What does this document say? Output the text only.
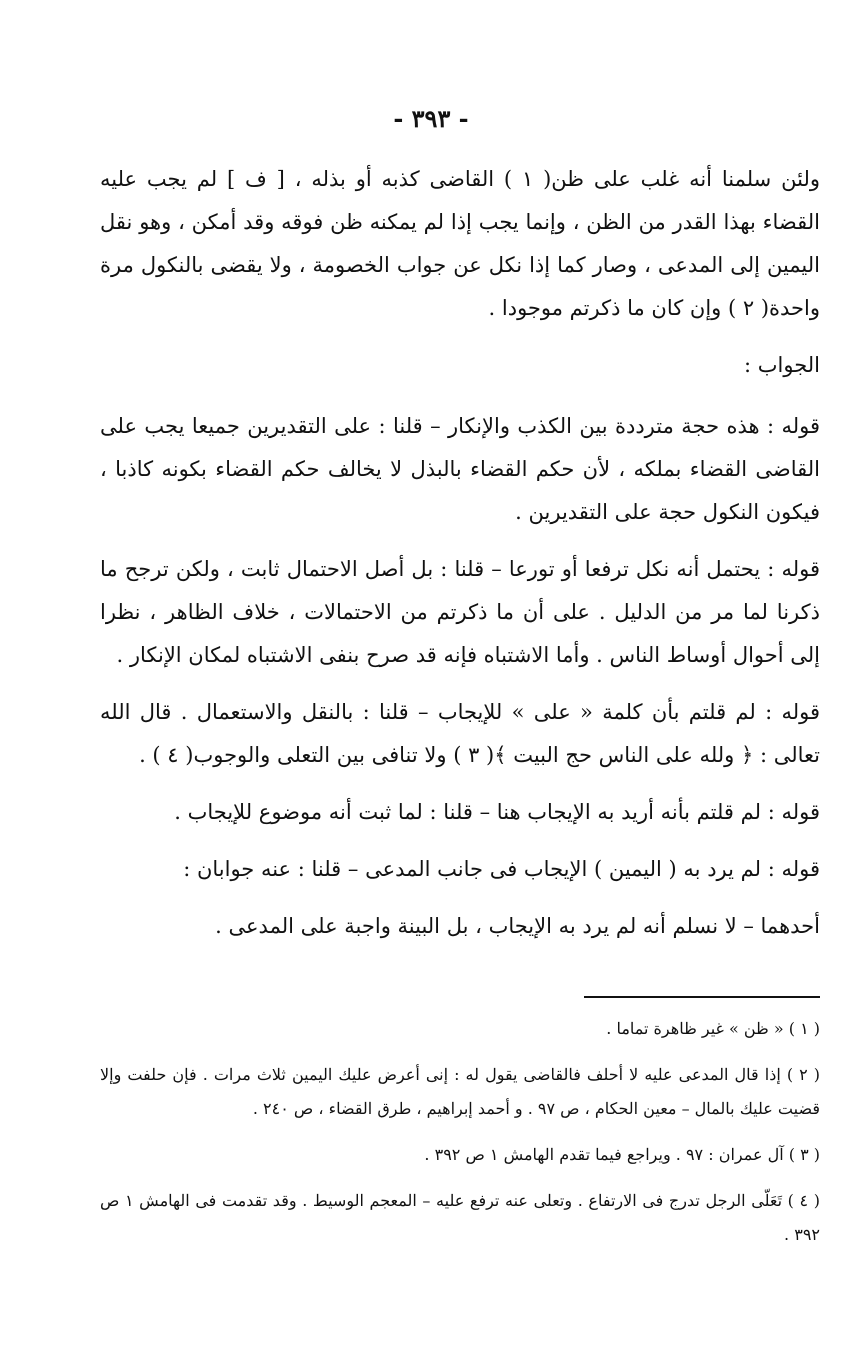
- ٣٩٣ -

ولئن سلمنا أنه غلب على ظن( ١ ) القاضى كذبه أو بذله ، [ ف ] لم يجب عليه القضاء بهذا القدر من الظن ، وإنما يجب إذا لم يمكنه ظن فوقه وقد أمكن ، وهو نقل اليمين إلى المدعى ، وصار كما إذا نكل عن جواب الخصومة ، ولا يقضى بالنكول مرة واحدة( ٢ ) وإن كان ما ذكرتم موجودا .

الجواب :

قوله : هذه حجة مترددة بين الكذب والإنكار – قلنا : على التقديرين جميعا يجب على القاضى القضاء بملكه ، لأن حكم القضاء بالبذل لا يخالف حكم القضاء بكونه كاذبا ، فيكون النكول حجة على التقديرين .

قوله : يحتمل أنه نكل ترفعا أو تورعا – قلنا : بل أصل الاحتمال ثابت ، ولكن ترجح ما ذكرنا لما مر من الدليل . على أن ما ذكرتم من الاحتمالات ، خلاف الظاهر ، نظرا إلى أحوال أوساط الناس . وأما الاشتباه فإنه قد صرح بنفى الاشتباه لمكان الإنكار .

قوله : لم قلتم بأن كلمة « على » للإيجاب – قلنا : بالنقل والاستعمال . قال الله تعالى : ﴿ ولله على الناس حج البيت ﴾( ٣ ) ولا تنافى بين التعلى والوجوب( ٤ ) .

قوله : لم قلتم بأنه أريد به الإيجاب هنا – قلنا : لما ثبت أنه موضوع للإيجاب .

قوله : لم يرد به ( اليمين ) الإيجاب فى جانب المدعى – قلنا : عنه جوابان :

أحدهما – لا نسلم أنه لم يرد به الإيجاب ، بل البينة واجبة على المدعى .

( ١ ) « ظن » غير ظاهرة تماما .

( ٢ ) إذا قال المدعى عليه لا أحلف فالقاضى يقول له : إنى أعرض عليك اليمين ثلاث مرات . فإن حلفت وإلا قضيت عليك بالمال – معين الحكام ، ص ٩٧ . و أحمد إبراهيم ، طرق القضاء ، ص ٢٤٠ .

( ٣ ) آل عمران : ٩٧ . ويراجع فيما تقدم الهامش ١ ص ٣٩٢ .

( ٤ ) تَعَلّى الرجل تدرج فى الارتفاع . وتعلى عنه ترفع عليه – المعجم الوسيط . وقد تقدمت فى الهامش ١ ص ٣٩٢ .
